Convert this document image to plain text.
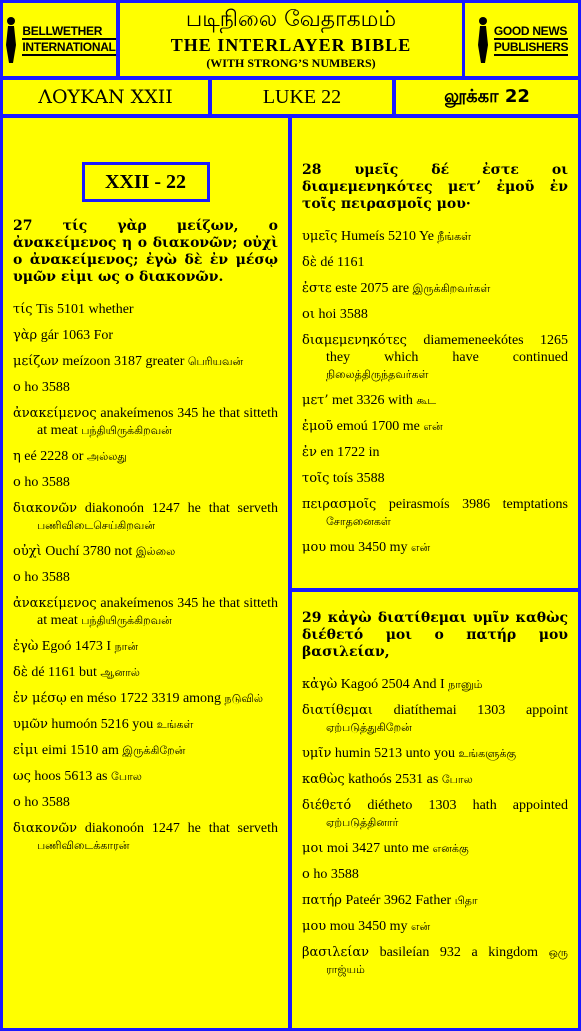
BELLWETHER
INTERNATIONAL
படிநிலை வேதாகமம்
THE INTERLAYER BIBLE
(WITH STRONG’S NUMBERS)
GOOD NEWS
PUBLISHERS
ΛΟΥΚΑΝ XXII	LUKE 22	லூக்கா 22
XXII - 22
27 τίς γὰρ μείζων, ο ἀνακείμενος η ο διακονῶν; οὐχὶ ο ἀνακείμενος; ἐγὼ δὲ ἐν μέσῳ υμῶν εἰμι ως ο διακονῶν.
τίς Tis 5101 whether
γὰρ gár 1063 For
μείζων meízoon 3187 greater பெரியவன்
ο ho 3588
ἀνακείμενος anakeímenos 345 he that sitteth at meat பந்தியிருக்கிறவன்
η eé 2228 or அல்லது
ο ho 3588
διακονῶν diakonoón 1247 he that serveth பணிவிடைசெய்கிறவன்
οὐχὶ Ouchí 3780 not இல்லை
ο ho 3588
ἀνακείμενος anakeímenos 345 he that sitteth at meat பந்தியிருக்கிறவன்
ἐγὼ Egoó 1473 I நான்
δὲ dé 1161 but ஆனால்
ἐν μέσῳ en méso 1722 3319 among நடுவில்
υμῶν humoón 5216 you உங்கள்
εἰμι eimi 1510 am இருக்கிறேன்
ως hoos 5613 as போல
ο ho 3588
διακονῶν diakonoón 1247 he that serveth பணிவிடைக்காரன்
28 υμεῖς δέ ἐστε οι διαμεμενηκότες μετ’ ἐμοῦ ἐν τοῖς πειρασμοῖς μου·
υμεῖς Humeís 5210 Ye நீங்கள்
δὲ dé 1161
ἐστε este 2075 are இருக்கிறவர்கள்
οι hoi 3588
διαμεμενηκότες diamemeneekótes 1265 they which have continued நிலைத்திருந்தவர்கள்
μετ’ met 3326 with கூட
ἐμοῦ emoú 1700 me என்
ἐν en 1722 in
τοῖς toís 3588
πειρασμοῖς peirasmoís 3986 temptations சோதனைகள்
μου mou 3450 my என்
29 κἀγὼ διατίθεμαι υμῖν καθὼς διέθετό μοι ο πατήρ μου βασιλείαν,
κἀγὼ Kagoó 2504 And I நானும்
διατίθεμαι diatíthemai 1303 appoint ஏற்படுத்துகிறேன்
υμῖν humin 5213 unto you உங்களுக்கு
καθὼς kathoós 2531 as போல
διέθετό diétheto 1303 hath appointed ஏற்படுத்தினார்
μοι moi 3427 unto me எனக்கு
ο ho 3588
πατήρ Pateér 3962 Father பிதா
μου mou 3450 my என்
βασιλείαν basileían 932 a kingdom ஒரு ராஜ்யம்
